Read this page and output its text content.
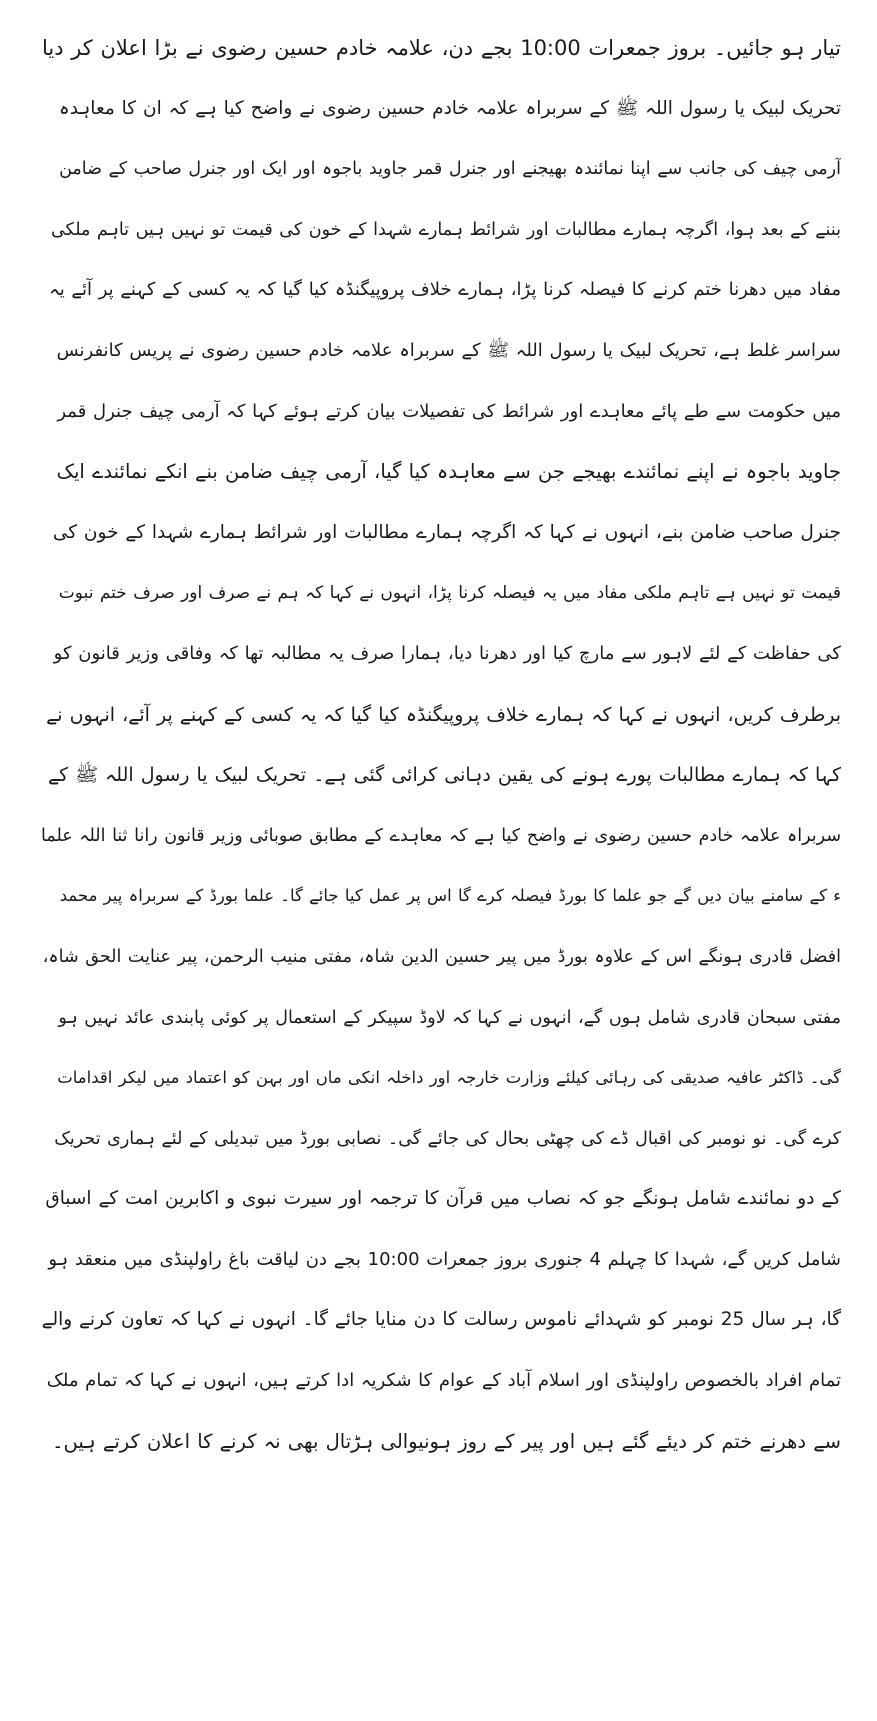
تیار ہو جائیں۔ بروز جمعرات 10:00 بجے دن، علامہ خادم حسین رضوی نے بڑا اعلان کر دیا
تحریک لبیک یا رسول اللہ ﷺ کے سربراہ علامہ خادم حسین رضوی نے واضح کیا ہے کہ ان کا معاہدہ
آرمی چیف کی جانب سے اپنا نمائندہ بھیجنے اور جنرل قمر جاوید باجوہ اور ایک اور جنرل صاحب کے ضامن
بننے کے بعد ہوا، اگرچہ ہمارے مطالبات اور شرائط ہمارے شہدا کے خون کی قیمت تو نہیں ہیں تاہم ملکی
مفاد میں دھرنا ختم کرنے کا فیصلہ کرنا پڑا، ہمارے خلاف پروپیگنڈہ کیا گیا کہ یہ کسی کے کہنے پر آئے یہ
سراسر غلط ہے، تحریک لبیک یا رسول اللہ ﷺ کے سربراہ علامہ خادم حسین رضوی نے پریس کانفرنس
میں حکومت سے طے پائے معاہدے اور شرائط کی تفصیلات بیان کرتے ہوئے کہا کہ آرمی چیف جنرل قمر
جاوید باجوہ نے اپنے نمائندے بھیجے جن سے معاہدہ کیا گیا، آرمی چیف ضامن بنے انکے نمائندے ایک
جنرل صاحب ضامن بنے، انہوں نے کہا کہ اگرچہ ہمارے مطالبات اور شرائط ہمارے شہدا کے خون کی
قیمت تو نہیں ہے تاہم ملکی مفاد میں یہ فیصلہ کرنا پڑا، انہوں نے کہا کہ ہم نے صرف اور صرف ختم نبوت
کی حفاظت کے لئے لاہور سے مارچ کیا اور دھرنا دیا، ہمارا صرف یہ مطالبہ تھا کہ وفاقی وزیر قانون کو
برطرف کریں، انہوں نے کہا کہ ہمارے خلاف پروپیگنڈہ کیا گیا کہ یہ کسی کے کہنے پر آئے، انہوں نے
کہا کہ ہمارے مطالبات پورے ہونے کی یقین دہانی کرائی گئی ہے۔ تحریک لبیک یا رسول اللہ ﷺ کے
سربراہ علامہ خادم حسین رضوی نے واضح کیا ہے کہ معاہدے کے مطابق صوبائی وزیر قانون رانا ثنا اللہ علما
ء کے سامنے بیان دیں گے جو علما کا بورڈ فیصلہ کرے گا اس پر عمل کیا جائے گا۔ علما بورڈ کے سربراہ پیر محمد
افضل قادری ہونگے اس کے علاوہ بورڈ میں پیر حسین الدین شاہ، مفتی منیب الرحمن، پیر عنایت الحق شاہ،
مفتی سبحان قادری شامل ہوں گے، انہوں نے کہا کہ لاوڈ سپیکر کے استعمال پر کوئی پابندی عائد نہیں ہو
گی۔ ڈاکٹر عافیہ صدیقی کی رہائی کیلئے وزارت خارجہ اور داخلہ انکی ماں اور بہن کو اعتماد میں لیکر اقدامات
کرے گی۔ نو نومبر کی اقبال ڈے کی چھٹی بحال کی جائے گی۔ نصابی بورڈ میں تبدیلی کے لئے ہماری تحریک
کے دو نمائندے شامل ہونگے جو کہ نصاب میں قرآن کا ترجمہ اور سیرت نبوی و اکابرین امت کے اسباق
شامل کریں گے، شہدا کا چہلم 4 جنوری بروز جمعرات 10:00 بجے دن لیاقت باغ راولپنڈی میں منعقد ہو
گا، ہر سال 25 نومبر کو شہدائے ناموس رسالت کا دن منایا جائے گا۔ انہوں نے کہا کہ تعاون کرنے والے
تمام افراد بالخصوص راولپنڈی اور اسلام آباد کے عوام کا شکریہ ادا کرتے ہیں، انہوں نے کہا کہ تمام ملک
سے دھرنے ختم کر دیئے گئے ہیں اور پیر کے روز ہونیوالی ہڑتال بھی نہ کرنے کا اعلان کرتے ہیں۔
